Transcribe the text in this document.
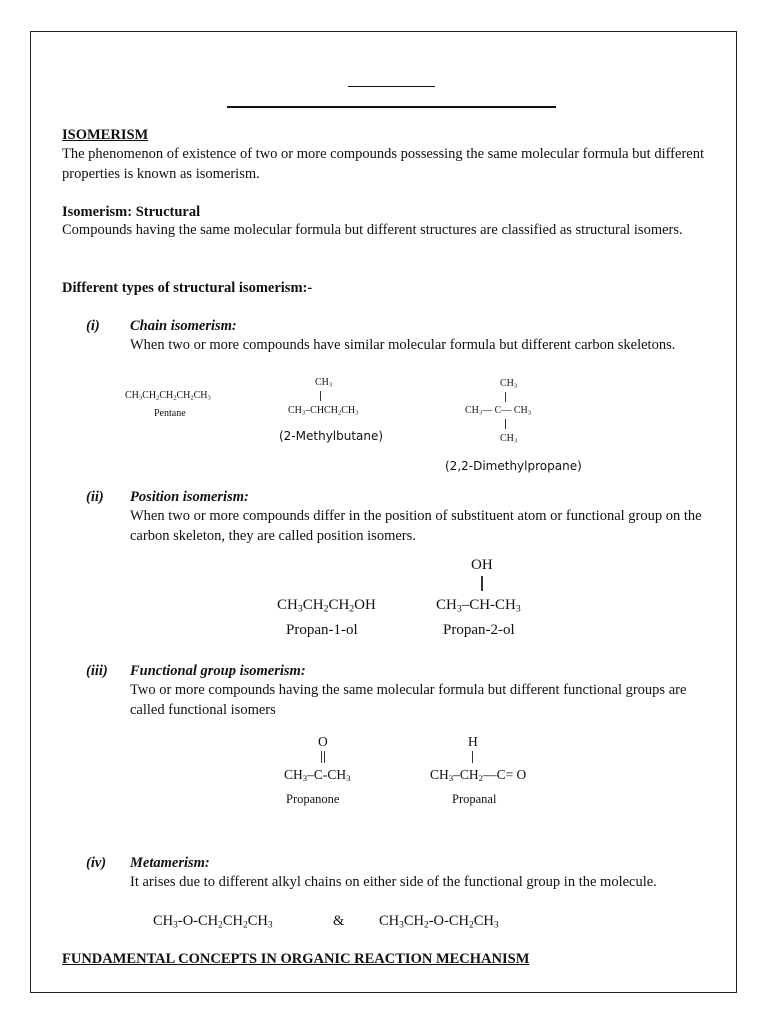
ISOMERISM
The phenomenon of existence of two or more compounds possessing the same molecular formula but different properties is known as isomerism.
Isomerism: Structural
Compounds having the same molecular formula but different structures are classified as structural isomers.
Different types of structural isomerism:-
(i) Chain isomerism:
When two or more compounds have similar molecular formula but different carbon skeletons.
$CH_3CH_2CH_2CH_2CH_3$
Pentane
$CH_3$
$CH_3-CHCH_2CH_3$
(2-Methylbutane)
$CH_3$
$CH_3—$ C— $CH_3$
$CH_3$
(2,2-Dimethylpropane)
(ii) Position isomerism:
When two or more compounds differ in the position of substituent atom or functional group on the carbon skeleton, they are called position isomers.
$CH_3CH_2CH_2OH$
Propan-1-ol
OH
$CH_3-CH-CH_3$
Propan-2-ol
(iii) Functional group isomerism:
Two or more compounds having the same molecular formula but different functional groups are called functional isomers
O
$CH_3-C-CH_3$
Propanone
H
$CH_3-CH_2—C= O$
Propanal
(iv) Metamerism:
It arises due to different alkyl chains on either side of the functional group in the molecule.
$CH_3-O-CH_2CH_2CH_3$	& $CH_3CH_2-O-CH_2CH_3$
FUNDAMENTAL CONCEPTS IN ORGANIC REACTION MECHANISM
